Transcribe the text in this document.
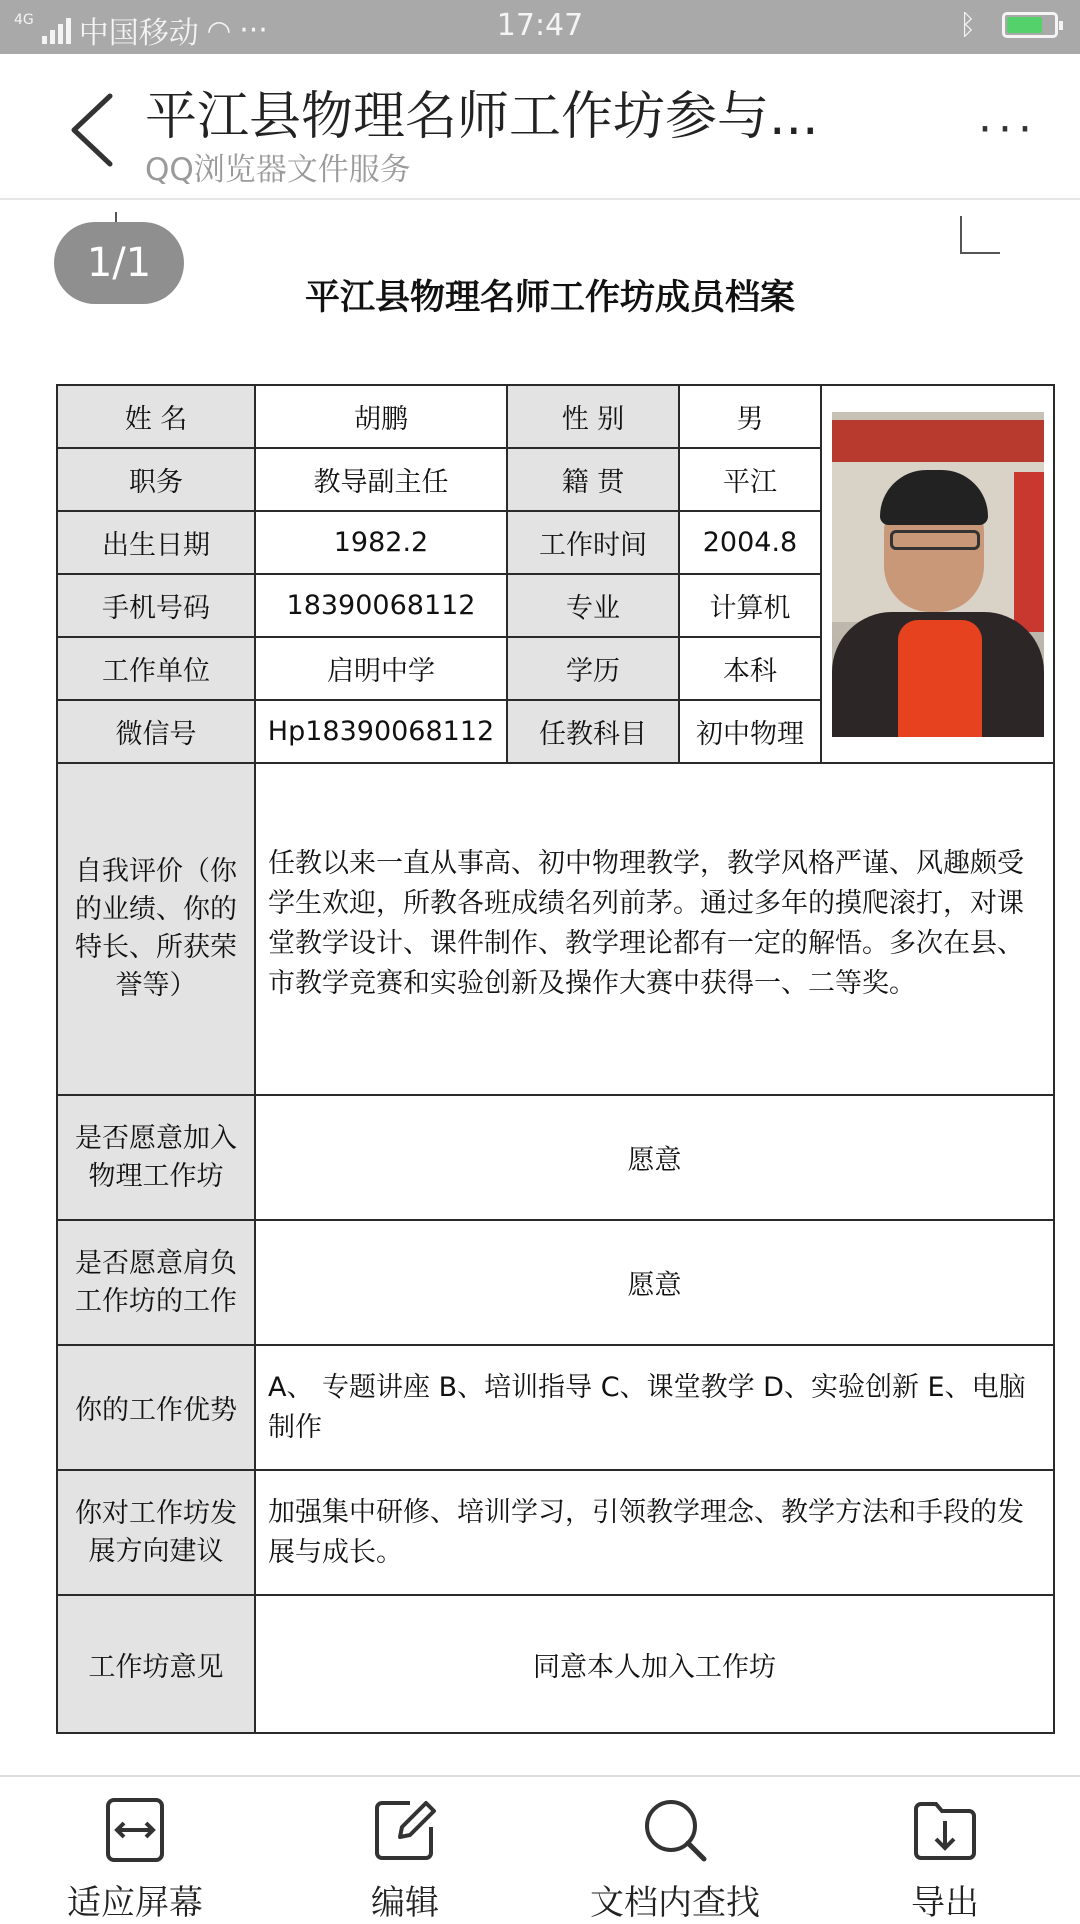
4G 中国移动 ◠ ···	17:47	ᛒ
平江县物理名师工作坊参与...
QQ浏览器文件服务
···
1/1
平江县物理名师工作坊成员档案
姓 名	胡鹏	性 别	男	

职务	教导副主任	籍 贯	平江	
出生日期	1982.2	工作时间	2004.8	
手机号码	18390068112	专业	计算机	
工作单位	启明中学	学历	本科	
微信号	Hp18390068112	任教科目	初中物理	
自我评价（你的业绩、你的特长、所获荣誉等）	任教以来一直从事高、初中物理教学，教学风格严谨、风趣颇受学生欢迎，所教各班成绩名列前茅。通过多年的摸爬滚打，对课堂教学设计、课件制作、教学理论都有一定的解悟。多次在县、市教学竞赛和实验创新及操作大赛中获得一、二等奖。			
是否愿意加入物理工作坊	愿意			
是否愿意肩负工作坊的工作	愿意			
你的工作优势	A、 专题讲座 B、培训指导 C、课堂教学 D、实验创新 E、电脑制作			
你对工作坊发展方向建议	加强集中研修、培训学习，引领教学理念、教学方法和手段的发展与成长。			
工作坊意见	同意本人加入工作坊			
适应屏幕	编辑	文档内查找	导出
